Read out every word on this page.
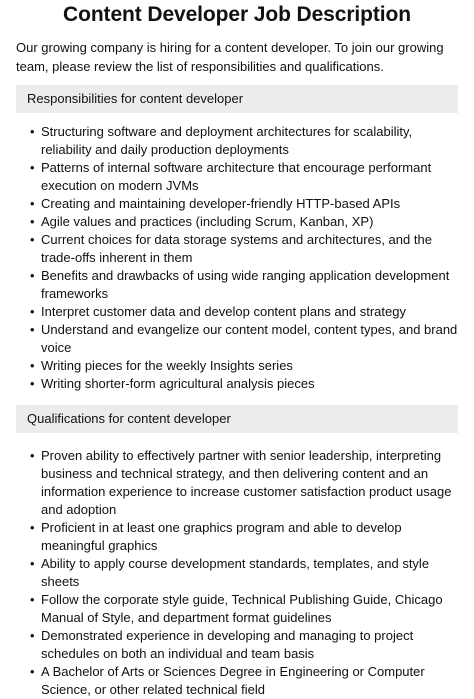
Content Developer Job Description

Our growing company is hiring for a content developer. To join our growing team, please review the list of responsibilities and qualifications.

Responsibilities for content developer
• Structuring software and deployment architectures for scalability, reliability and daily production deployments
• Patterns of internal software architecture that encourage performant execution on modern JVMs
• Creating and maintaining developer-friendly HTTP-based APIs
• Agile values and practices (including Scrum, Kanban, XP)
• Current choices for data storage systems and architectures, and the trade-offs inherent in them
• Benefits and drawbacks of using wide ranging application development frameworks
• Interpret customer data and develop content plans and strategy
• Understand and evangelize our content model, content types, and brand voice
• Writing pieces for the weekly Insights series
• Writing shorter-form agricultural analysis pieces
Qualifications for content developer
• Proven ability to effectively partner with senior leadership, interpreting business and technical strategy, and then delivering content and an information experience to increase customer satisfaction product usage and adoption
• Proficient in at least one graphics program and able to develop meaningful graphics
• Ability to apply course development standards, templates, and style sheets
• Follow the corporate style guide, Technical Publishing Guide, Chicago Manual of Style, and department format guidelines
• Demonstrated experience in developing and managing to project schedules on both an individual and team basis
• A Bachelor of Arts or Sciences Degree in Engineering or Computer Science, or other related technical field
